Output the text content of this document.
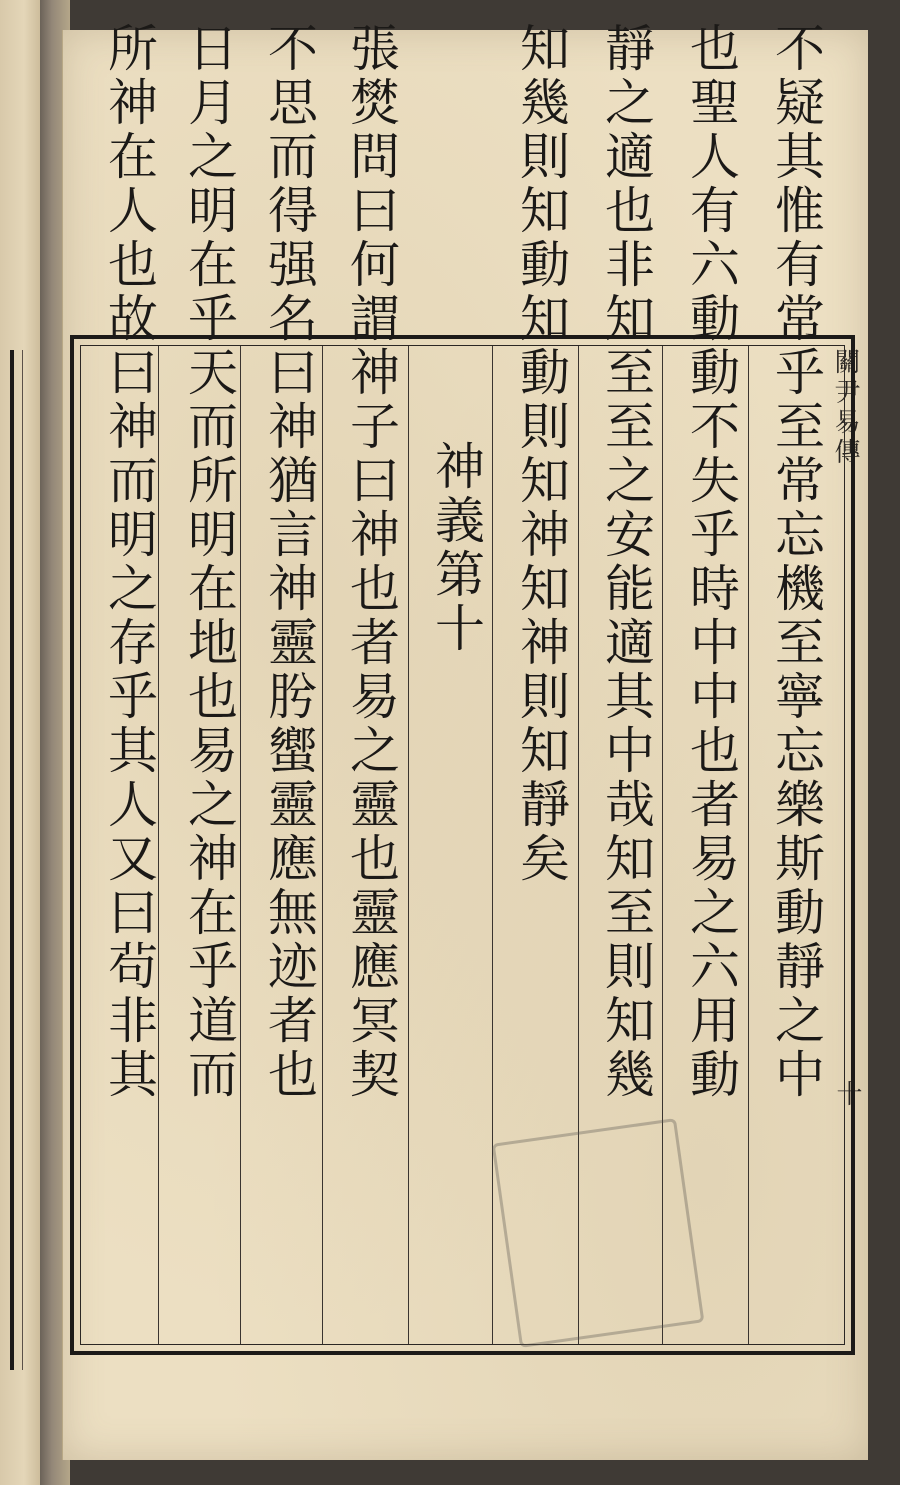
關尹易傳
十
不疑其惟有常乎至常忘機至寧忘樂斯動靜之中
也聖人有六動動不失乎時中中也者易之六用動
靜之適也非知至至之安能適其中哉知至則知幾
知幾則知動知動則知神知神則知靜矣
神義第十
張燓問曰何謂神子曰神也者易之靈也靈應冥契
不思而得强名曰神猶言神靈肹蠁靈應無迹者也
日月之明在乎天而所明在地也易之神在乎道而
所神在人也故曰神而明之存乎其人又曰茍非其
